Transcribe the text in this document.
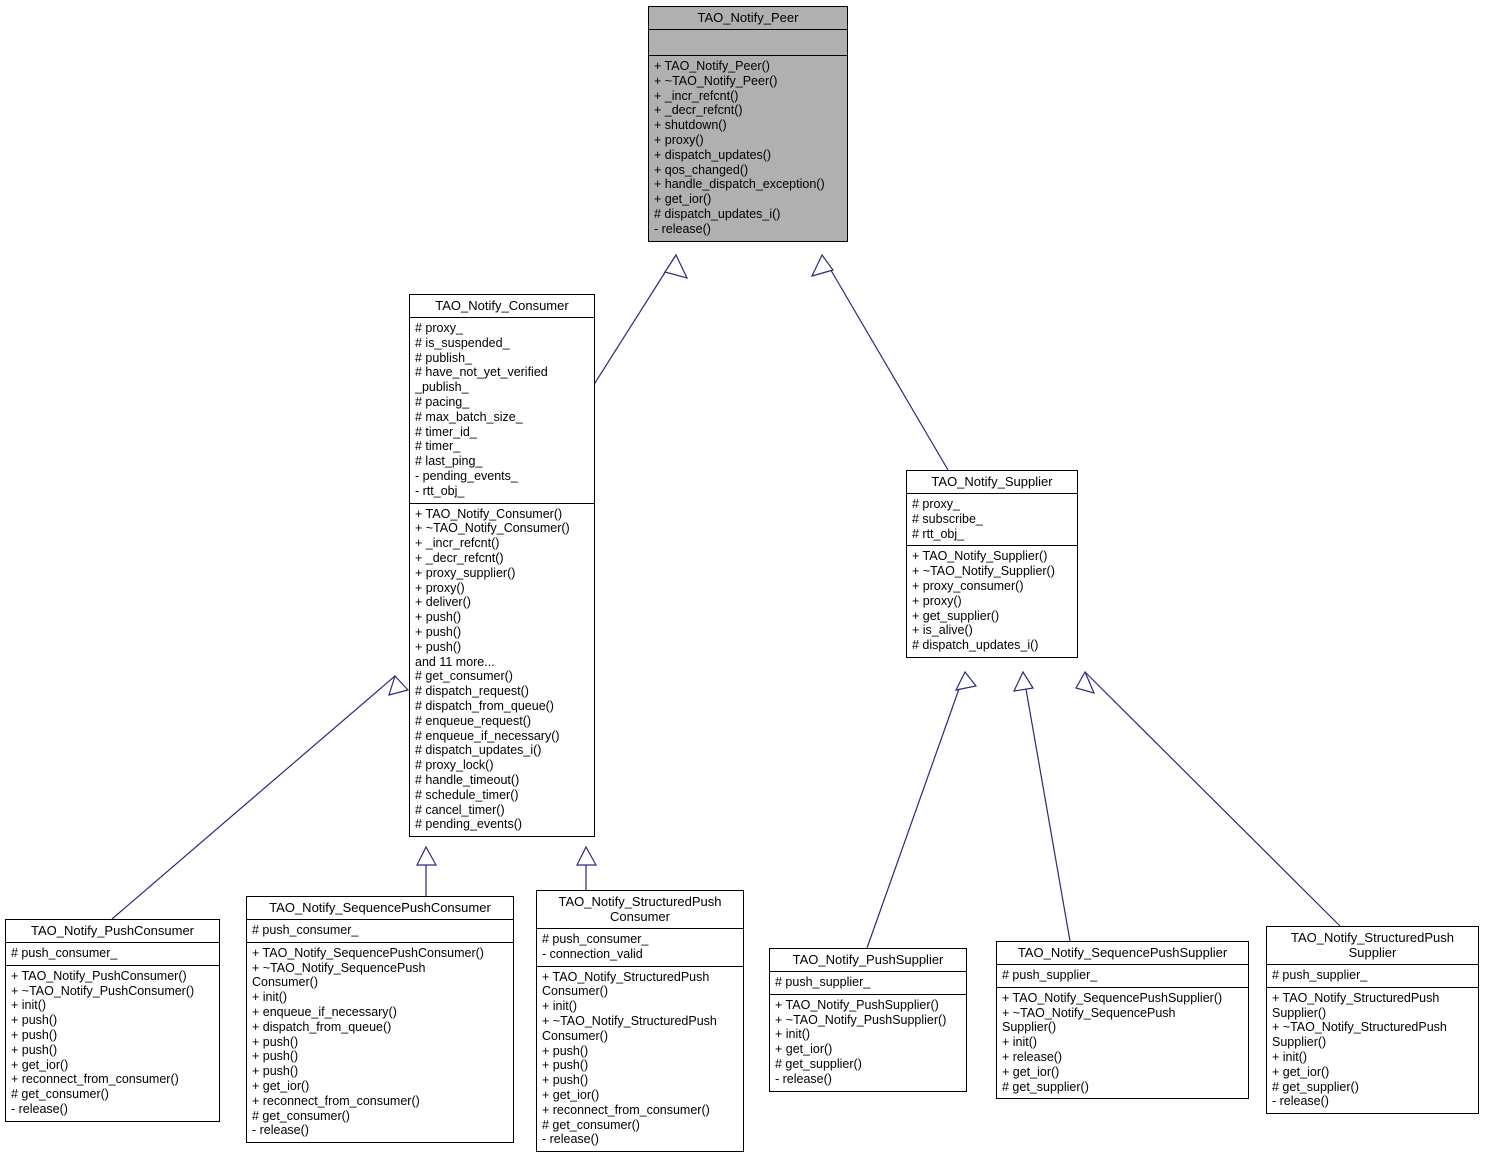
TAO_Notify_Peer
+ TAO_Notify_Peer()
+ ~TAO_Notify_Peer()
+ _incr_refcnt()
+ _decr_refcnt()
+ shutdown()
+ proxy()
+ dispatch_updates()
+ qos_changed()
+ handle_dispatch_exception()
+ get_ior()
# dispatch_updates_i()
- release()
TAO_Notify_Consumer
# proxy_
# is_suspended_
# publish_
# have_not_yet_verified
_publish_
# pacing_
# max_batch_size_
# timer_id_
# timer_
# last_ping_
- pending_events_
- rtt_obj_
+ TAO_Notify_Consumer()
+ ~TAO_Notify_Consumer()
+ _incr_refcnt()
+ _decr_refcnt()
+ proxy_supplier()
+ proxy()
+ deliver()
+ push()
+ push()
+ push()
and 11 more...
# get_consumer()
# dispatch_request()
# dispatch_from_queue()
# enqueue_request()
# enqueue_if_necessary()
# dispatch_updates_i()
# proxy_lock()
# handle_timeout()
# schedule_timer()
# cancel_timer()
# pending_events()
TAO_Notify_Supplier
# proxy_
# subscribe_
# rtt_obj_
+ TAO_Notify_Supplier()
+ ~TAO_Notify_Supplier()
+ proxy_consumer()
+ proxy()
+ get_supplier()
+ is_alive()
# dispatch_updates_i()
TAO_Notify_PushConsumer
# push_consumer_
+ TAO_Notify_PushConsumer()
+ ~TAO_Notify_PushConsumer()
+ init()
+ push()
+ push()
+ push()
+ get_ior()
+ reconnect_from_consumer()
# get_consumer()
- release()
TAO_Notify_SequencePushConsumer
# push_consumer_
+ TAO_Notify_SequencePushConsumer()
+ ~TAO_Notify_SequencePush
Consumer()
+ init()
+ enqueue_if_necessary()
+ dispatch_from_queue()
+ push()
+ push()
+ push()
+ get_ior()
+ reconnect_from_consumer()
# get_consumer()
- release()
TAO_Notify_StructuredPush Consumer
# push_consumer_
- connection_valid
+ TAO_Notify_StructuredPush
Consumer()
+ init()
+ ~TAO_Notify_StructuredPush
Consumer()
+ push()
+ push()
+ push()
+ get_ior()
+ reconnect_from_consumer()
# get_consumer()
- release()
TAO_Notify_PushSupplier
# push_supplier_
+ TAO_Notify_PushSupplier()
+ ~TAO_Notify_PushSupplier()
+ init()
+ get_ior()
# get_supplier()
- release()
TAO_Notify_SequencePushSupplier
# push_supplier_
+ TAO_Notify_SequencePushSupplier()
+ ~TAO_Notify_SequencePush
Supplier()
+ init()
+ release()
+ get_ior()
# get_supplier()
TAO_Notify_StructuredPush Supplier
# push_supplier_
+ TAO_Notify_StructuredPush
Supplier()
+ ~TAO_Notify_StructuredPush
Supplier()
+ init()
+ get_ior()
# get_supplier()
- release()
